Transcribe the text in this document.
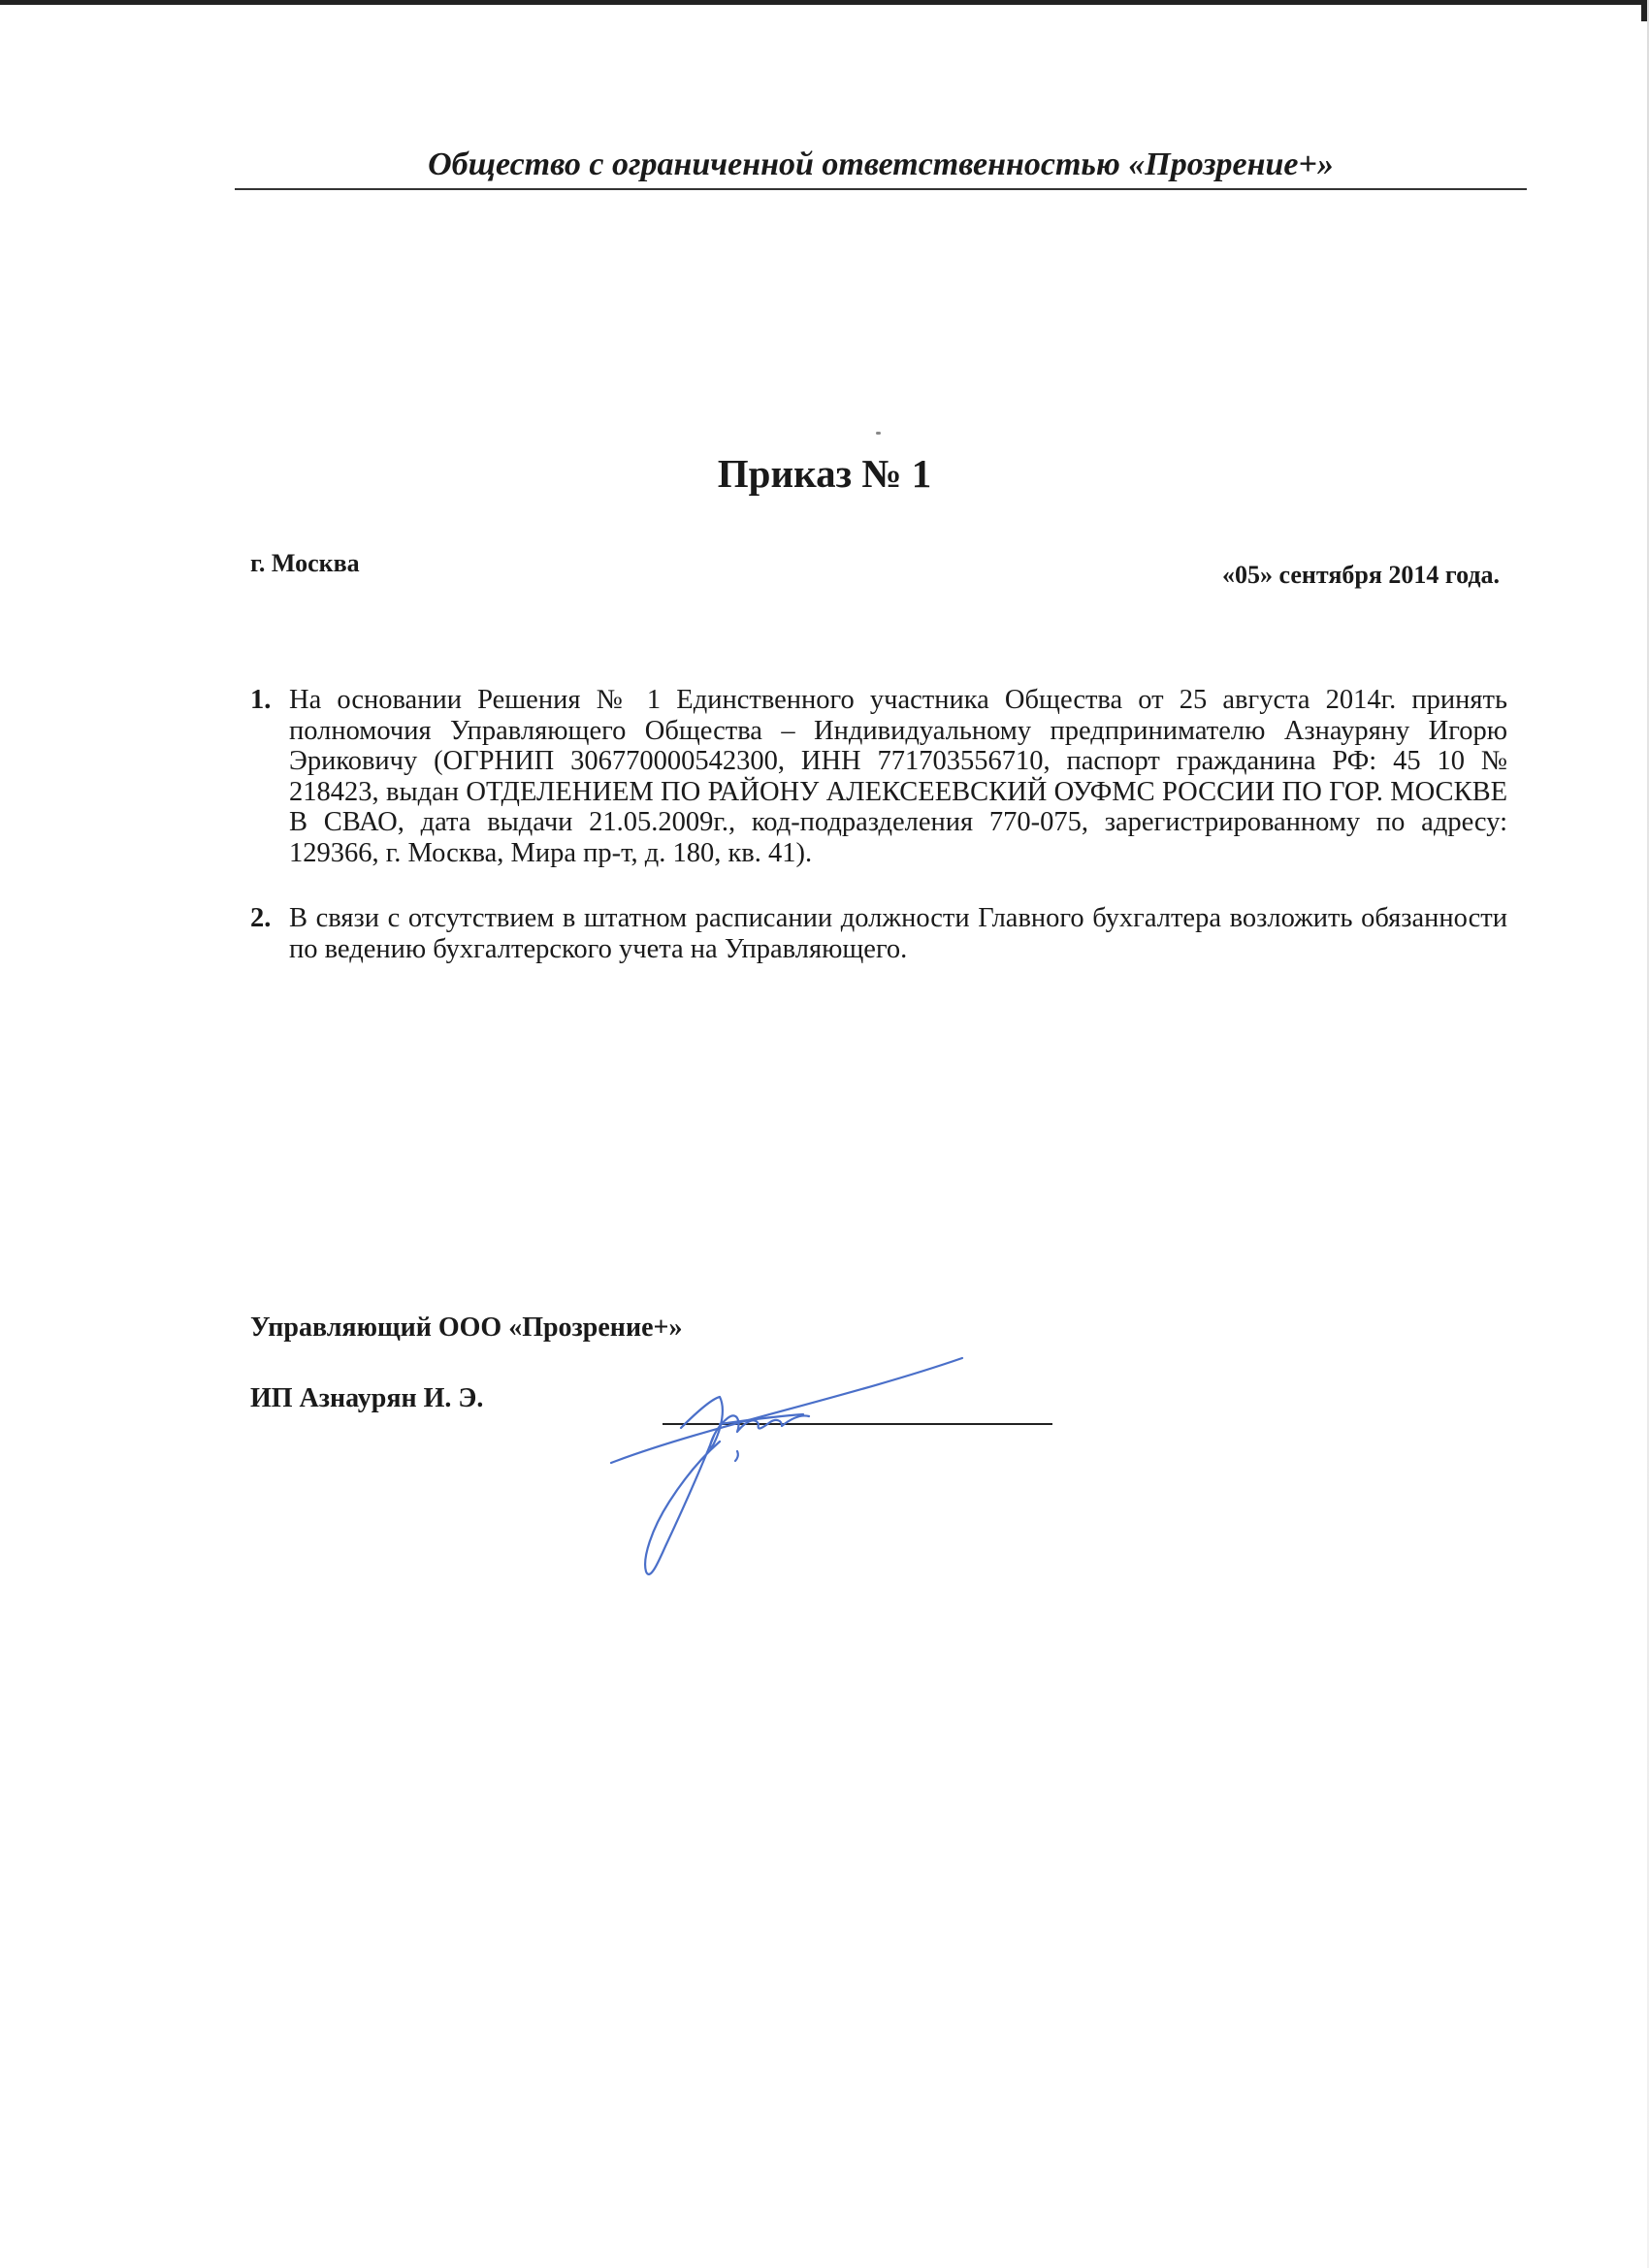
Общество с ограниченной ответственностью «Прозрение+»
Приказ № 1
г. Москва	«05» сентября 2014 года.
1. На основании Решения № 1 Единственного участника Общества от 25 августа 2014г. принять полномочия Управляющего Общества – Индивидуальному предпринимателю Азнауряну Игорю Эриковичу (ОГРНИП 306770000542300, ИНН 771703556710, паспорт гражданина РФ: 45 10 № 218423, выдан ОТДЕЛЕНИЕМ ПО РАЙОНУ АЛЕКСЕЕВСКИЙ ОУФМС РОССИИ ПО ГОР. МОСКВЕ В СВАО, дата выдачи 21.05.2009г., код-подразделения 770-075, зарегистрированному по адресу: 129366, г. Москва, Мира пр-т, д. 180, кв. 41).
2. В связи с отсутствием в штатном расписании должности Главного бухгалтера возложить обязанности по ведению бухгалтерского учета на Управляющего.
Управляющий ООО «Прозрение+»
ИП Азнаурян И. Э.
